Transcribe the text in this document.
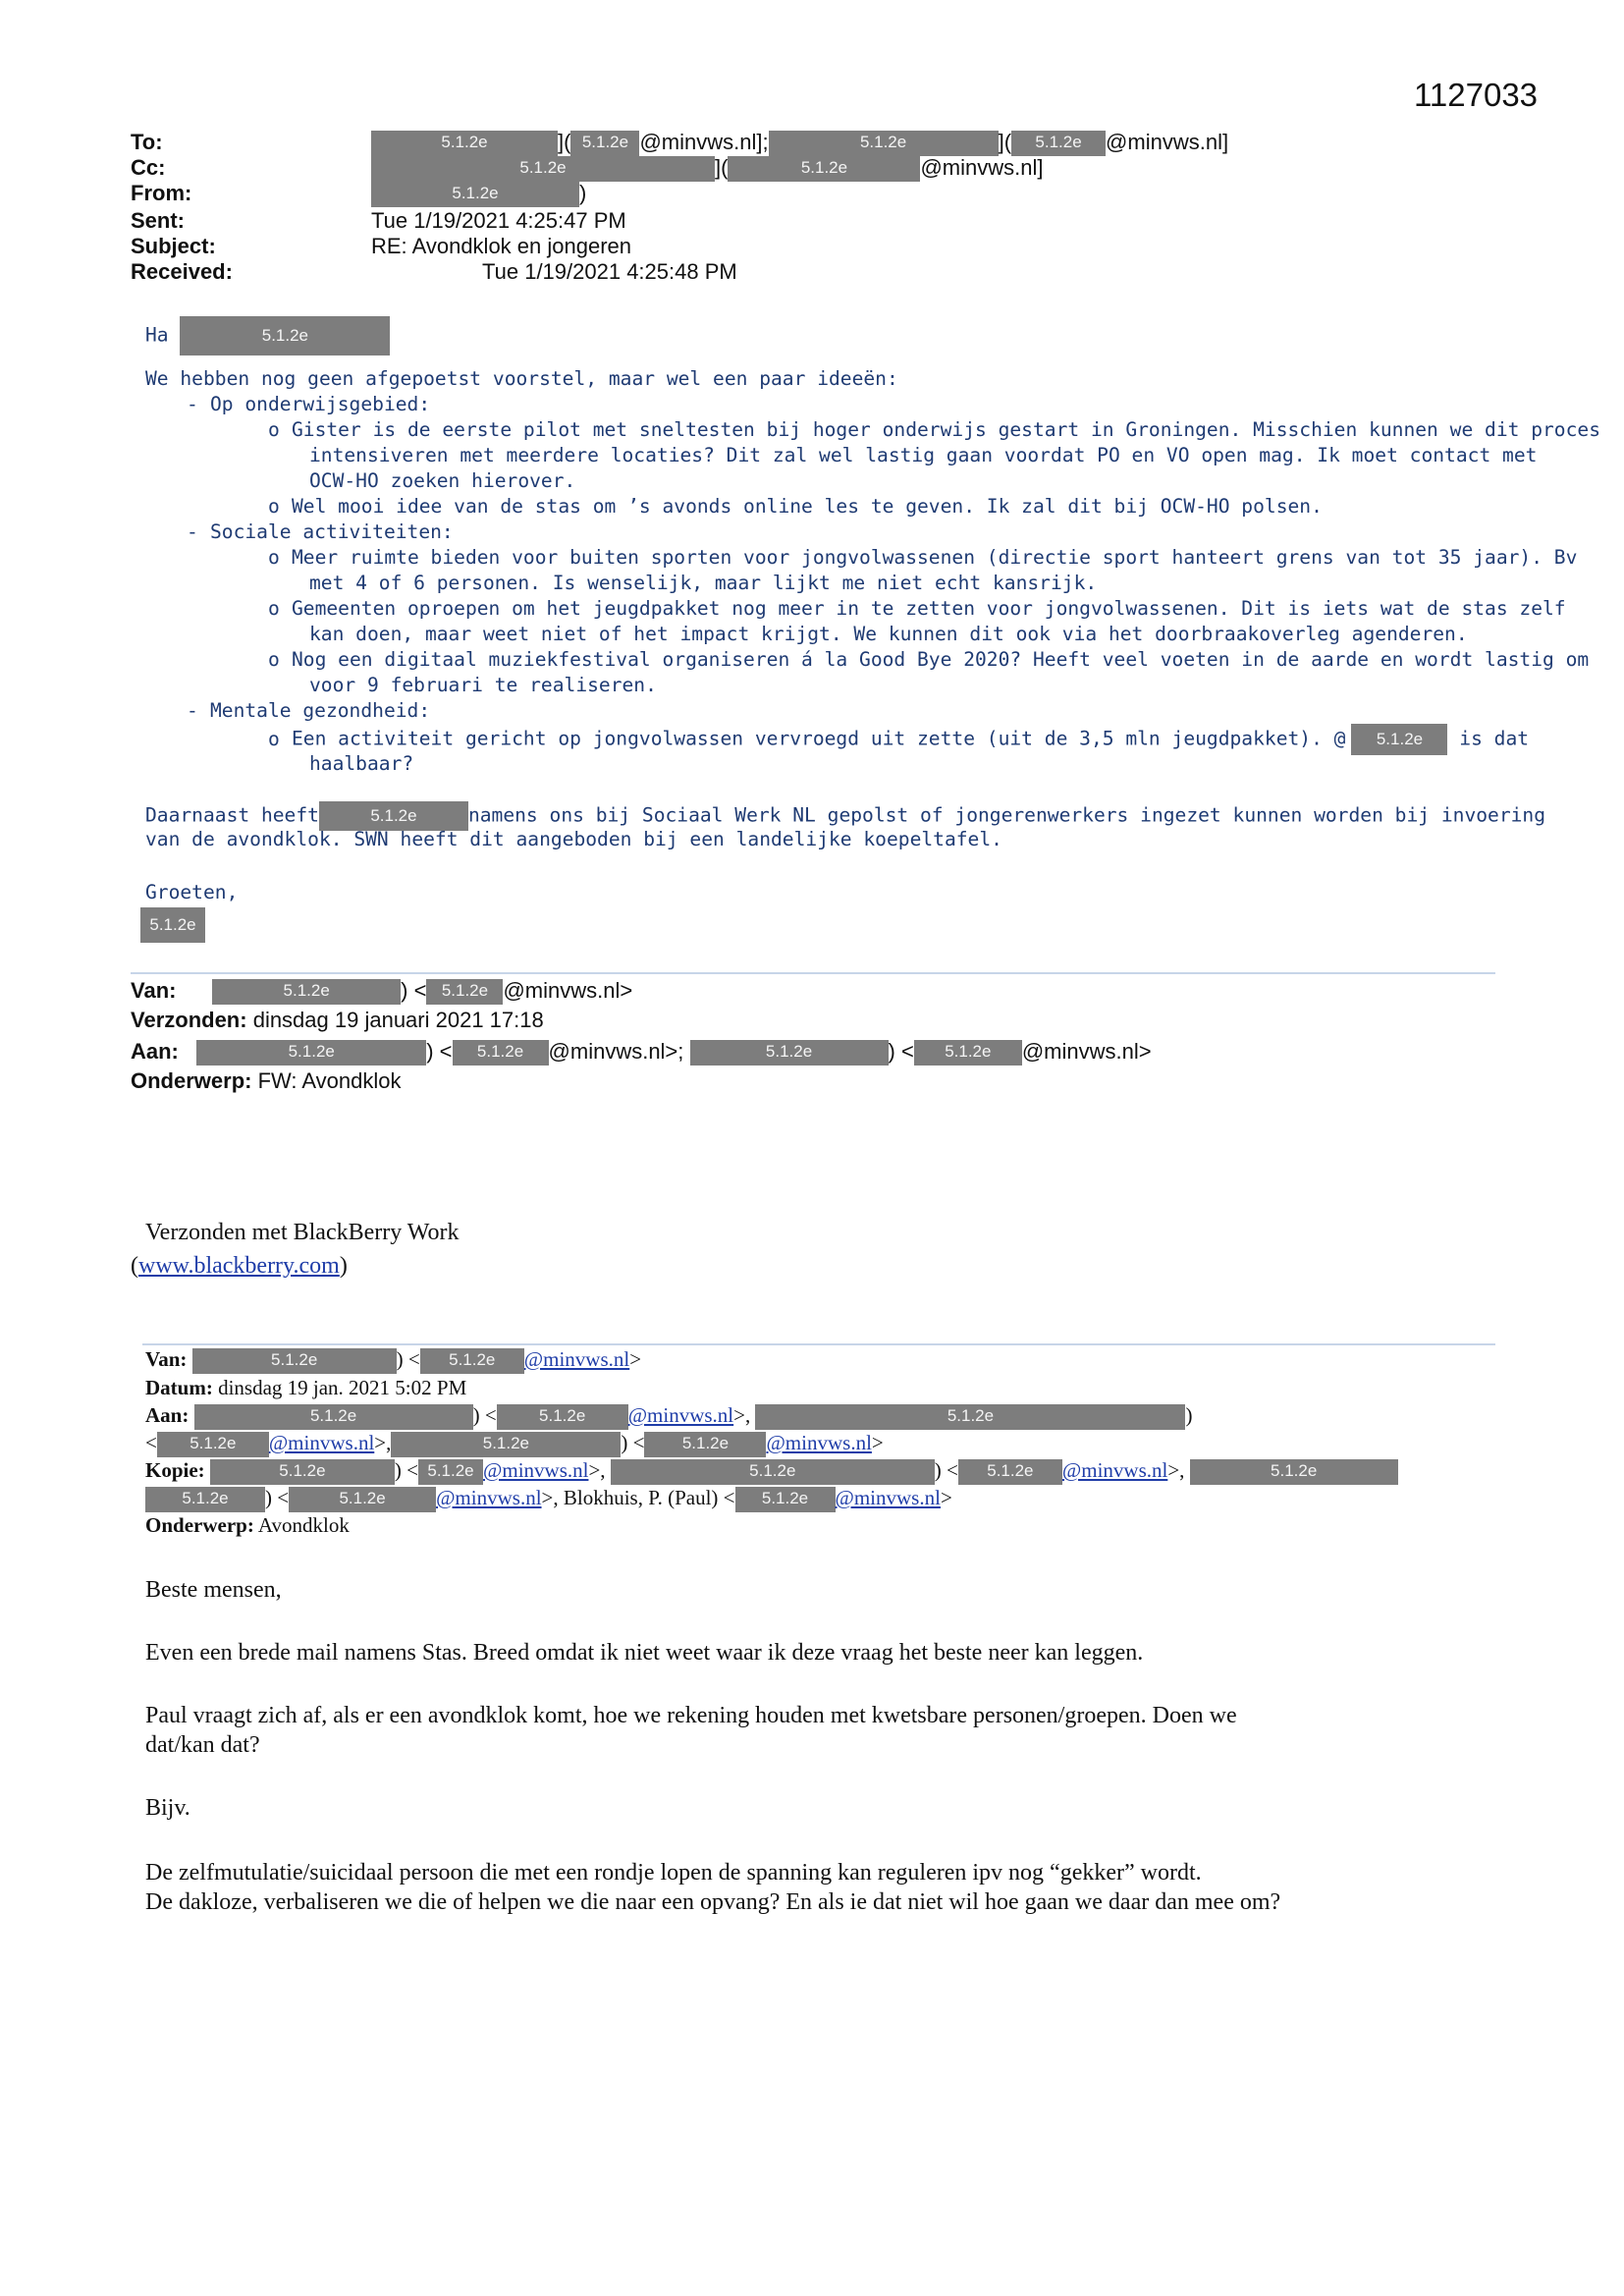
1127033
To:	5.1.2e	]( 5.1.2e @minvws.nl];	5.1.2e	]( 5.1.2e @minvws.nl]
Cc:	5.1.2e	](	5.1.2e	@minvws.nl]
From:	5.1.2e	)
Sent:	Tue 1/19/2021 4:25:47 PM
Subject:	RE: Avondklok en jongeren
Received:	Tue 1/19/2021 4:25:48 PM
Ha	5.1.2e
We hebben nog geen afgepoetst voorstel, maar wel een paar ideeën:
- Op onderwijsgebied:
o Gister is de eerste pilot met sneltesten bij hoger onderwijs gestart in Groningen. Misschien kunnen we dit proces
intensiveren met meerdere locaties? Dit zal wel lastig gaan voordat PO en VO open mag. Ik moet contact met
OCW-HO zoeken hierover.
o Wel mooi idee van de stas om ’s avonds online les te geven. Ik zal dit bij OCW-HO polsen.
- Sociale activiteiten:
o Meer ruimte bieden voor buiten sporten voor jongvolwassenen (directie sport hanteert grens van tot 35 jaar). Bv
met 4 of 6 personen. Is wenselijk, maar lijkt me niet echt kansrijk.
o Gemeenten oproepen om het jeugdpakket nog meer in te zetten voor jongvolwassenen. Dit is iets wat de stas zelf
kan doen, maar weet niet of het impact krijgt. We kunnen dit ook via het doorbraakoverleg agenderen.
o Nog een digitaal muziekfestival organiseren á la Good Bye 2020? Heeft veel voeten in de aarde en wordt lastig om
voor 9 februari te realiseren.
- Mentale gezondheid:
o Een activiteit gericht op jongvolwassen vervroegd uit zette (uit de 3,5 mln jeugdpakket). @ 5.1.2e is dat
haalbaar?
Daarnaast heeft	5.1.2e	namens ons bij Sociaal Werk NL gepolst of jongerenwerkers ingezet kunnen worden bij invoering
van de avondklok. SWN heeft dit aangeboden bij een landelijke koepeltafel.
Groeten,
5.1.2e
Van:	5.1.2e	) < 5.1.2e @minvws.nl>
Verzonden: dinsdag 19 januari 2021 17:18
Aan:	5.1.2e	) < 5.1.2e @minvws.nl>;	5.1.2e	) < 5.1.2e @minvws.nl>
Onderwerp: FW: Avondklok
Verzonden met BlackBerry Work
(www.blackberry.com)
Van:	5.1.2e	) < 5.1.2e @minvws.nl>
Datum: dinsdag 19 jan. 2021 5:02 PM
Aan:	5.1.2e	) <	5.1.2e @minvws.nl>,	5.1.2e	)
< 5.1.2e @minvws.nl>,	5.1.2e	) < 5.1.2e @minvws.nl>
Kopie:	5.1.2e	) < 5.1.2e @minvws.nl>,	5.1.2e	) < 5.1.2e @minvws.nl>,	5.1.2e
5.1.2e ) <	5.1.2e @minvws.nl>, Blokhuis, P. (Paul) < 5.1.2e @minvws.nl>
Onderwerp: Avondklok
Beste mensen,
Even een brede mail namens Stas. Breed omdat ik niet weet waar ik deze vraag het beste neer kan leggen.
Paul vraagt zich af, als er een avondklok komt, hoe we rekening houden met kwetsbare personen/groepen. Doen we
dat/kan dat?
Bijv.
De zelfmutulatie/suicidaal persoon die met een rondje lopen de spanning kan reguleren ipv nog “gekker” wordt.
De dakloze, verbaliseren we die of helpen we die naar een opvang? En als ie dat niet wil hoe gaan we daar dan mee om?
